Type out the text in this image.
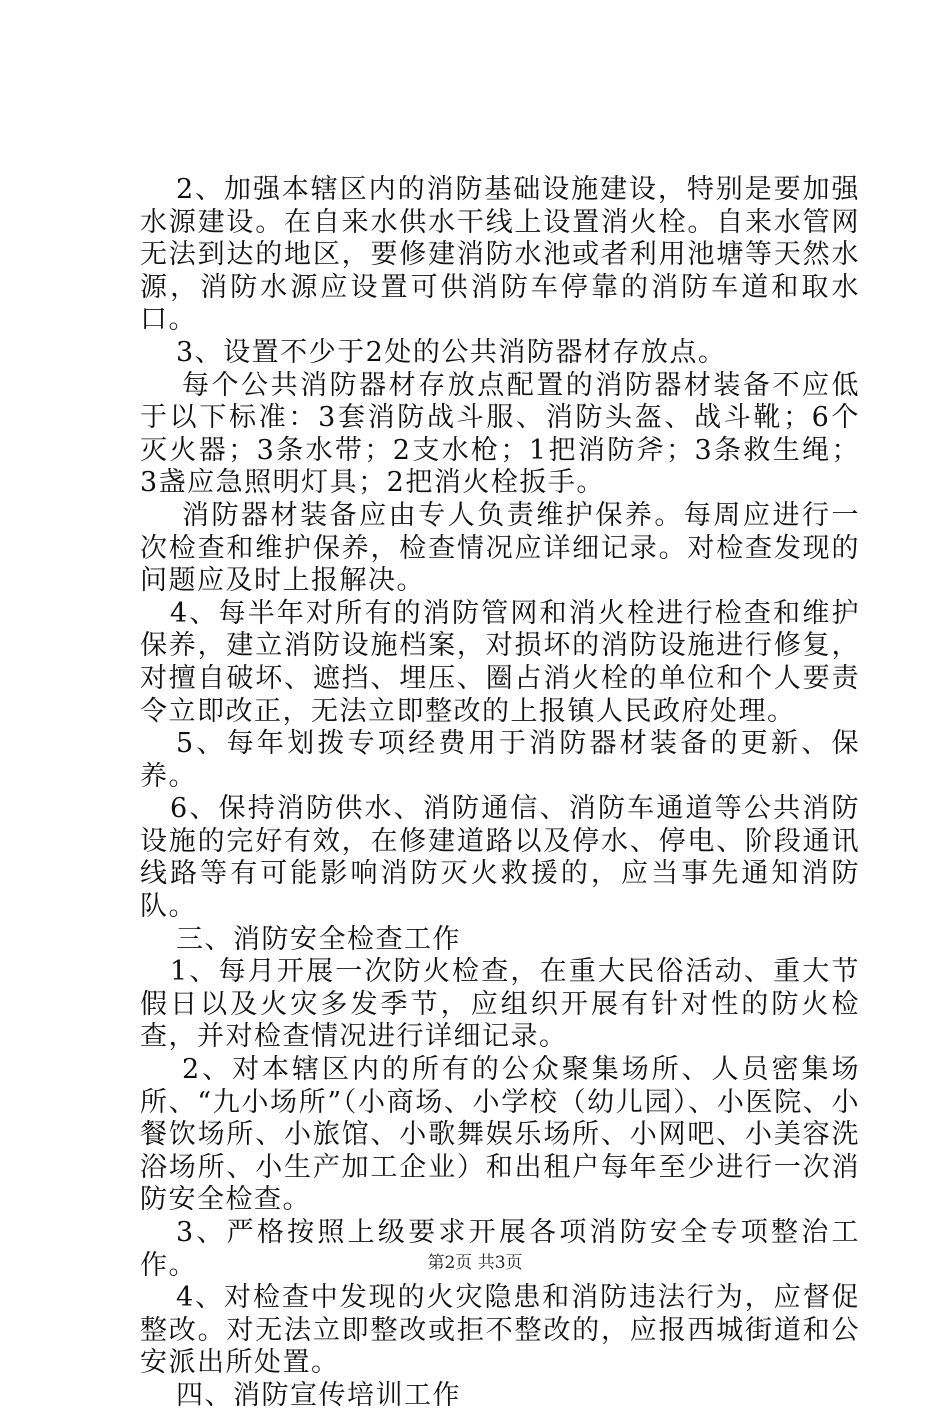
2、加强本辖区内的消防基础设施建设，特别是要加强水源建设。在自来水供水干线上设置消火栓。自来水管网无法到达的地区，要修建消防水池或者利用池塘等天然水源，消防水源应设置可供消防车停靠的消防车道和取水口。

3、设置不少于2处的公共消防器材存放点。

每个公共消防器材存放点配置的消防器材装备不应低于以下标准：3套消防战斗服、消防头盔、战斗靴；6个灭火器；3条水带；2支水枪；1把消防斧；3条救生绳；3盏应急照明灯具；2把消火栓扳手。

消防器材装备应由专人负责维护保养。每周应进行一次检查和维护保养，检查情况应详细记录。对检查发现的问题应及时上报解决。

4、每半年对所有的消防管网和消火栓进行检查和维护保养，建立消防设施档案，对损坏的消防设施进行修复，对擅自破坏、遮挡、埋压、圈占消火栓的单位和个人要责令立即改正，无法立即整改的上报镇人民政府处理。

5、每年划拨专项经费用于消防器材装备的更新、保养。

6、保持消防供水、消防通信、消防车通道等公共消防设施的完好有效，在修建道路以及停水、停电、阶段通讯线路等有可能影响消防灭火救援的，应当事先通知消防队。

三、消防安全检查工作

1、每月开展一次防火检查，在重大民俗活动、重大节假日以及火灾多发季节，应组织开展有针对性的防火检查，并对检查情况进行详细记录。

2、对本辖区内的所有的公众聚集场所、人员密集场所、“九小场所”（小商场、小学校（幼儿园）、小医院、小餐饮场所、小旅馆、小歌舞娱乐场所、小网吧、小美容洗浴场所、小生产加工企业）和出租户每年至少进行一次消防安全检查。

3、严格按照上级要求开展各项消防安全专项整治工作。

4、对检查中发现的火灾隐患和消防违法行为，应督促整改。对无法立即整改或拒不整改的，应报西城街道和公安派出所处置。

四、消防宣传培训工作

第2页 共3页
